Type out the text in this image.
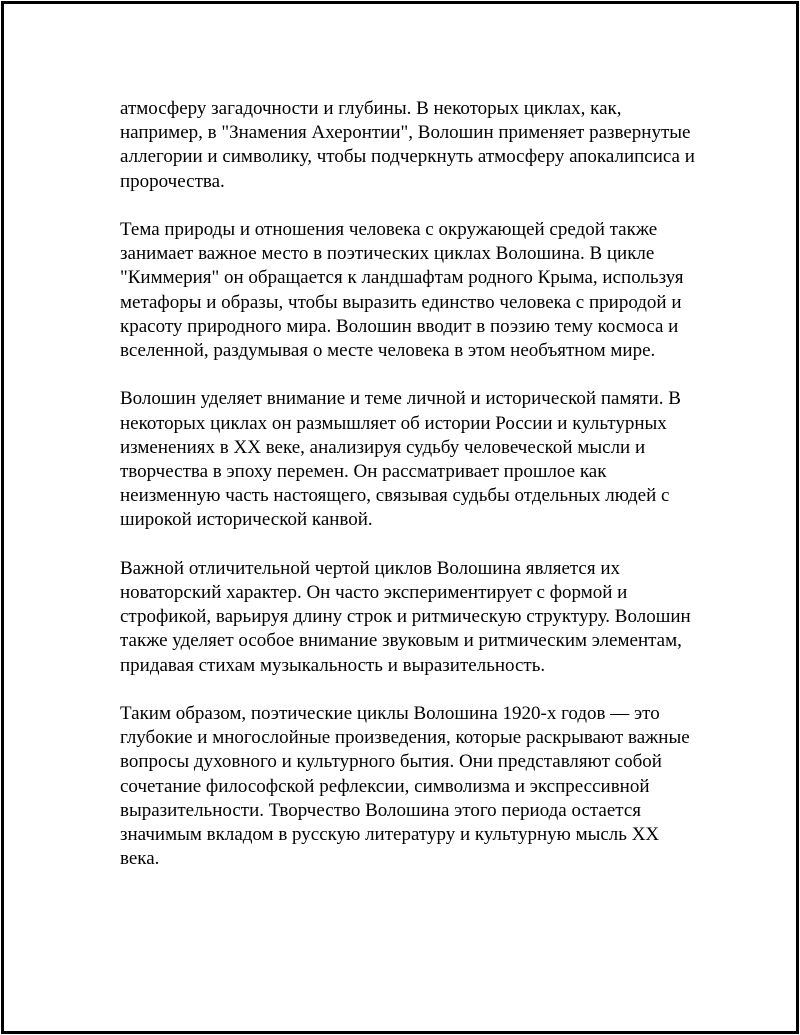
атмосферу загадочности и глубины. В некоторых циклах, как,
например, в "Знамения Ахеронтии", Волошин применяет развернутые
аллегории и символику, чтобы подчеркнуть атмосферу апокалипсиса и
пророчества.

Тема природы и отношения человека с окружающей средой также
занимает важное место в поэтических циклах Волошина. В цикле
"Киммерия" он обращается к ландшафтам родного Крыма, используя
метафоры и образы, чтобы выразить единство человека с природой и
красоту природного мира. Волошин вводит в поэзию тему космоса и
вселенной, раздумывая о месте человека в этом необъятном мире.

Волошин уделяет внимание и теме личной и исторической памяти. В
некоторых циклах он размышляет об истории России и культурных
изменениях в XX веке, анализируя судьбу человеческой мысли и
творчества в эпоху перемен. Он рассматривает прошлое как
неизменную часть настоящего, связывая судьбы отдельных людей с
широкой исторической канвой.

Важной отличительной чертой циклов Волошина является их
новаторский характер. Он часто экспериментирует с формой и
строфикой, варьируя длину строк и ритмическую структуру. Волошин
также уделяет особое внимание звуковым и ритмическим элементам,
придавая стихам музыкальность и выразительность.

Таким образом, поэтические циклы Волошина 1920-х годов — это
глубокие и многослойные произведения, которые раскрывают важные
вопросы духовного и культурного бытия. Они представляют собой
сочетание философской рефлексии, символизма и экспрессивной
выразительности. Творчество Волошина этого периода остается
значимым вкладом в русскую литературу и культурную мысль XX
века.
